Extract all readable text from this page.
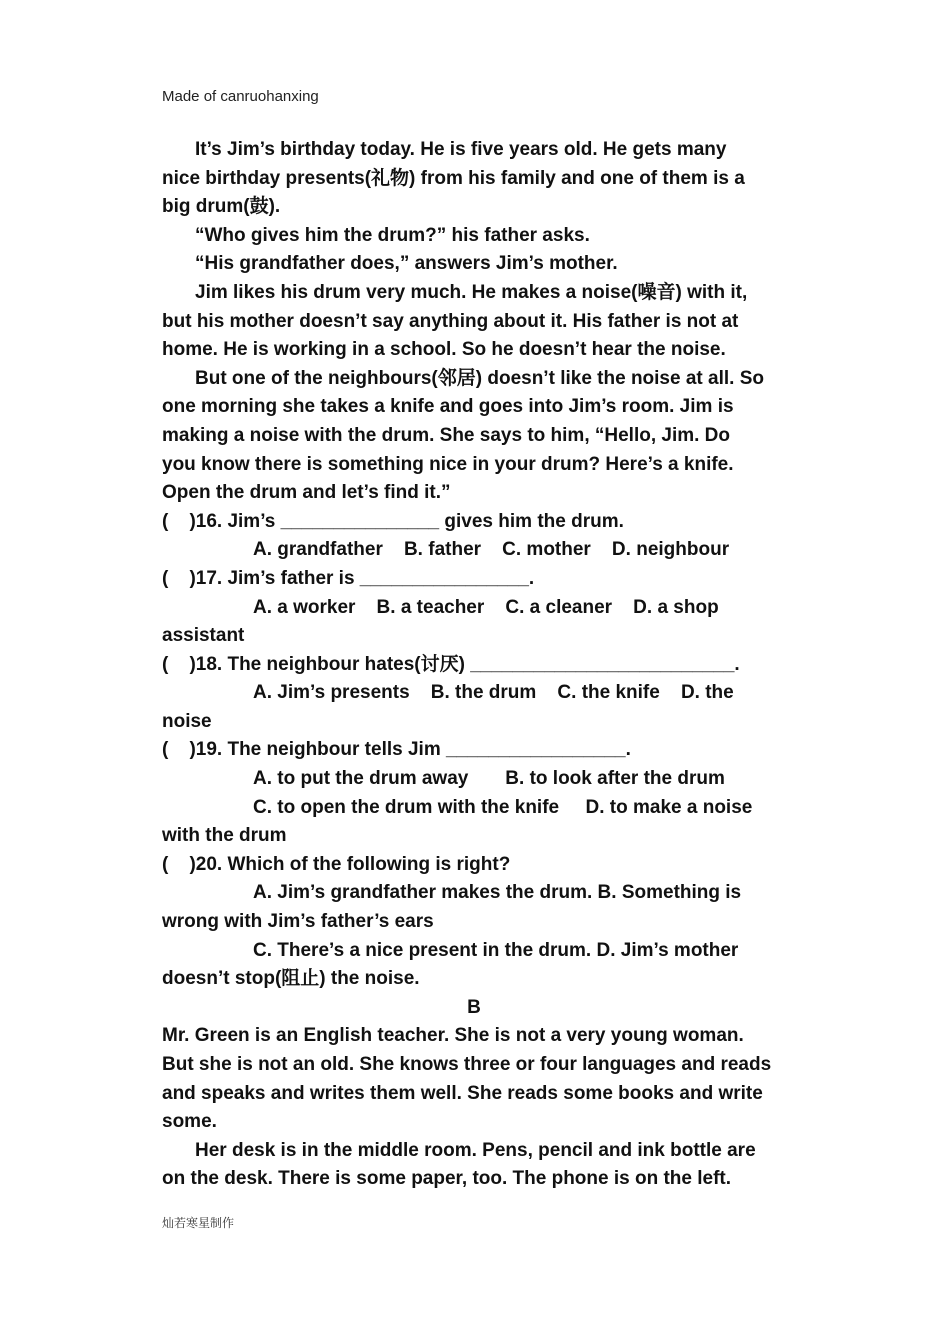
Made of canruohanxing
It’s Jim’s birthday today. He is five years old. He gets many
nice birthday presents(礼物) from his family and one of them is a
big drum(鼓).
“Who gives him the drum?” his father asks.
“His grandfather does,” answers Jim’s mother.
Jim likes his drum very much. He makes a noise(噪音) with it,
but his mother doesn’t say anything about it. His father is not at
home. He is working in a school. So he doesn’t hear the noise.
But one of the neighbours(邻居) doesn’t like the noise at all. So
one morning she takes a knife and goes into Jim’s room. Jim is
making a noise with the drum. She says to him, “Hello, Jim. Do
you know there is something nice in your drum? Here’s a knife.
Open the drum and let’s find it.”
(    )16. Jim’s _______________ gives him the drum.
A. grandfather    B. father    C. mother    D. neighbour
(    )17. Jim’s father is ________________.
A. a worker    B. a teacher    C. a cleaner    D. a shop
assistant
(    )18. The neighbour hates(讨厌) _________________________.
A. Jim’s presents    B. the drum    C. the knife    D. the
noise
(    )19. The neighbour tells Jim _________________.
A. to put the drum away       B. to look after the drum
C. to open the drum with the knife     D. to make a noise
with the drum
(    )20. Which of the following is right?
A. Jim’s grandfather makes the drum. B. Something is
wrong with Jim’s father’s ears
C. There’s a nice present in the drum. D. Jim’s mother
doesn’t stop(阻止) the noise.
B
Mr. Green is an English teacher. She is not a very young woman.
But she is not an old. She knows three or four languages and reads
and speaks and writes them well. She reads some books and write
some.
Her desk is in the middle room. Pens, pencil and ink bottle are
on the desk. There is some paper, too. The phone is on the left.
灿若寒星制作
